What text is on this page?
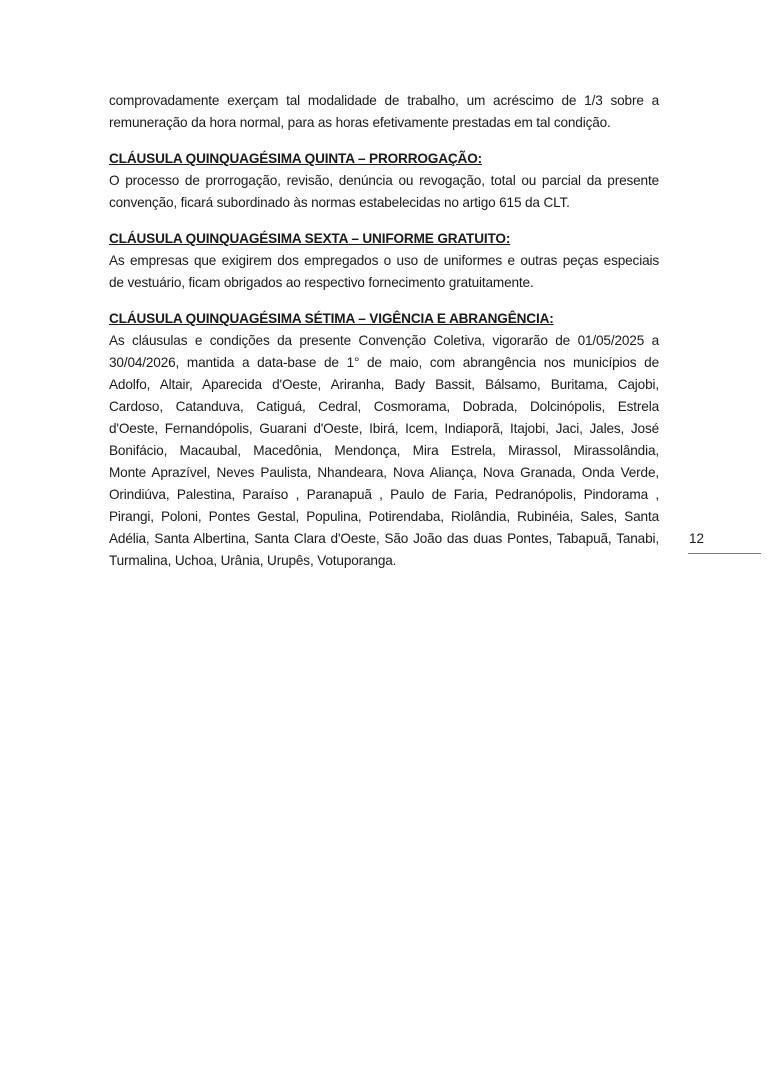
comprovadamente exerçam tal modalidade de trabalho, um acréscimo de 1/3 sobre a
remuneração da hora normal, para as horas efetivamente prestadas em tal condição.
CLÁUSULA QUINQUAGÉSIMA QUINTA – PRORROGAÇÃO:
O processo de prorrogação, revisão, denúncia ou revogação, total ou parcial da presente
convenção, ficará subordinado às normas estabelecidas no artigo 615 da CLT.
CLÁUSULA QUINQUAGÉSIMA SEXTA – UNIFORME GRATUITO:
As empresas que exigirem dos empregados o uso de uniformes e outras peças especiais
de vestuário, ficam obrigados ao respectivo fornecimento gratuitamente.
CLÁUSULA QUINQUAGÉSIMA SÉTIMA – VIGÊNCIA E ABRANGÊNCIA:
As cláusulas e condições da presente Convenção Coletiva, vigorarão de 01/05/2025 a
30/04/2026, mantida a data-base de 1° de maio, com abrangência nos municípios de
Adolfo, Altair, Aparecida d'Oeste, Ariranha, Bady Bassit, Bálsamo, Buritama, Cajobi,
Cardoso, Catanduva, Catiguá, Cedral, Cosmorama, Dobrada, Dolcinópolis, Estrela
d'Oeste, Fernandópolis, Guarani d'Oeste, Ibirá, Icem, Indiaporã, Itajobi, Jaci, Jales, José
Bonifácio, Macaubal, Macedônia, Mendonça, Mira Estrela, Mirassol, Mirassolândia,
Monte Aprazível, Neves Paulista, Nhandeara, Nova Aliança, Nova Granada, Onda Verde,
Orindiúva, Palestina, Paraíso , Paranapuã , Paulo de Faria, Pedranópolis, Pindorama ,
Pirangi, Poloni, Pontes Gestal, Populina, Potirendaba, Riolândia, Rubinéia, Sales, Santa
Adélia, Santa Albertina, Santa Clara d'Oeste, São João das duas Pontes, Tabapuã, Tanabi,
Turmalina, Uchoa, Urânia, Urupês, Votuporanga.
12
